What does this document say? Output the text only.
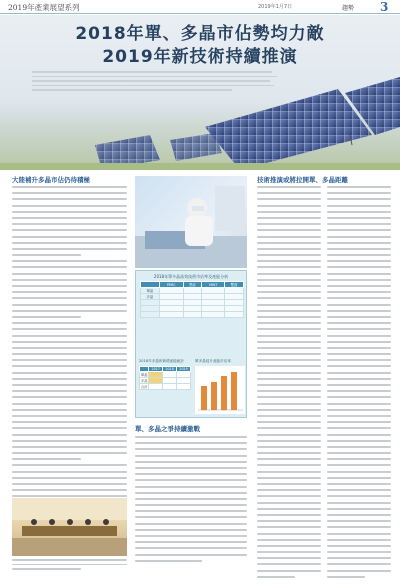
2019年產業展望系列	2019年1月7日	趨勢 3
2018年單、多晶市佔勢均力敵
2019年新技術持續推演
大陸補升多晶市佔仍待積極
2018年單多晶高效技術市佔率及產能分析
	PERC	黑硅	MWT	雙面
單晶				
多晶				

2018年多晶矽新增產能統計
	2017	2018	2019
單晶			
多晶			
合計			
單多晶硅片產能市佔率
單、多晶之爭持續激戰
技術推演或將拉開單、多晶距離
